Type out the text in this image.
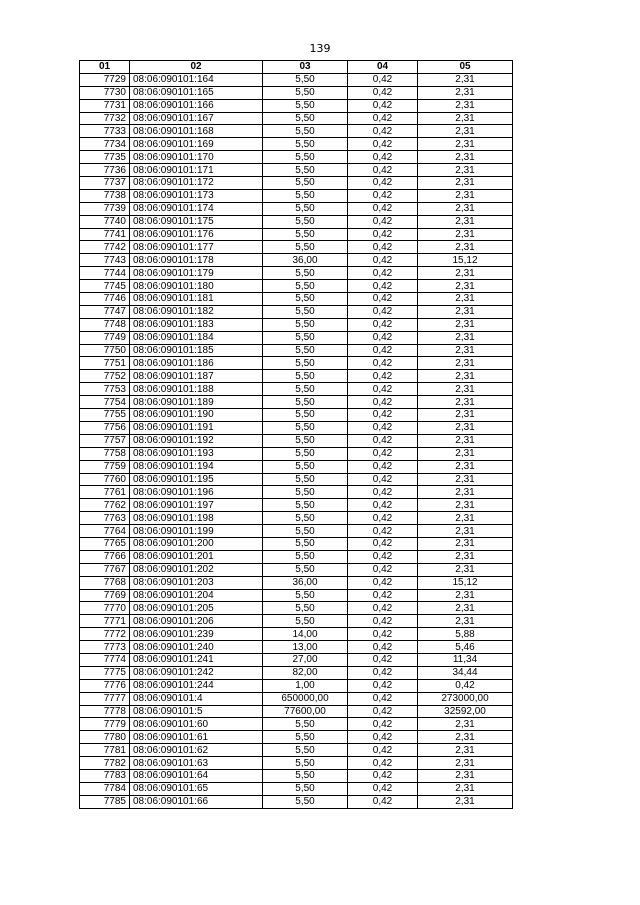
139
01	02	03	04	05
7729	08:06:090101:164	5,50	0,42	2,31
7730	08:06:090101:165	5,50	0,42	2,31
7731	08:06:090101:166	5,50	0,42	2,31
7732	08:06:090101:167	5,50	0,42	2,31
7733	08:06:090101:168	5,50	0,42	2,31
7734	08:06:090101:169	5,50	0,42	2,31
7735	08:06:090101:170	5,50	0,42	2,31
7736	08:06:090101:171	5,50	0,42	2,31
7737	08:06:090101:172	5,50	0,42	2,31
7738	08:06:090101:173	5,50	0,42	2,31
7739	08:06:090101:174	5,50	0,42	2,31
7740	08:06:090101:175	5,50	0,42	2,31
7741	08:06:090101:176	5,50	0,42	2,31
7742	08:06:090101:177	5,50	0,42	2,31
7743	08:06:090101:178	36,00	0,42	15,12
7744	08:06:090101:179	5,50	0,42	2,31
7745	08:06:090101:180	5,50	0,42	2,31
7746	08:06:090101:181	5,50	0,42	2,31
7747	08:06:090101:182	5,50	0,42	2,31
7748	08:06:090101:183	5,50	0,42	2,31
7749	08:06:090101:184	5,50	0,42	2,31
7750	08:06:090101:185	5,50	0,42	2,31
7751	08:06:090101:186	5,50	0,42	2,31
7752	08:06:090101:187	5,50	0,42	2,31
7753	08:06:090101:188	5,50	0,42	2,31
7754	08:06:090101:189	5,50	0,42	2,31
7755	08:06:090101:190	5,50	0,42	2,31
7756	08:06:090101:191	5,50	0,42	2,31
7757	08:06:090101:192	5,50	0,42	2,31
7758	08:06:090101:193	5,50	0,42	2,31
7759	08:06:090101:194	5,50	0,42	2,31
7760	08:06:090101:195	5,50	0,42	2,31
7761	08:06:090101:196	5,50	0,42	2,31
7762	08:06:090101:197	5,50	0,42	2,31
7763	08:06:090101:198	5,50	0,42	2,31
7764	08:06:090101:199	5,50	0,42	2,31
7765	08:06:090101:200	5,50	0,42	2,31
7766	08:06:090101:201	5,50	0,42	2,31
7767	08:06:090101:202	5,50	0,42	2,31
7768	08:06:090101:203	36,00	0,42	15,12
7769	08:06:090101:204	5,50	0,42	2,31
7770	08:06:090101:205	5,50	0,42	2,31
7771	08:06:090101:206	5,50	0,42	2,31
7772	08:06:090101:239	14,00	0,42	5,88
7773	08:06:090101:240	13,00	0,42	5,46
7774	08:06:090101:241	27,00	0,42	11,34
7775	08:06:090101:242	82,00	0,42	34,44
7776	08:06:090101:244	1,00	0,42	0,42
7777	08:06:090101:4	650000,00	0,42	273000,00
7778	08:06:090101:5	77600,00	0,42	32592,00
7779	08:06:090101:60	5,50	0,42	2,31
7780	08:06:090101:61	5,50	0,42	2,31
7781	08:06:090101:62	5,50	0,42	2,31
7782	08:06:090101:63	5,50	0,42	2,31
7783	08:06:090101:64	5,50	0,42	2,31
7784	08:06:090101:65	5,50	0,42	2,31
7785	08:06:090101:66	5,50	0,42	2,31
